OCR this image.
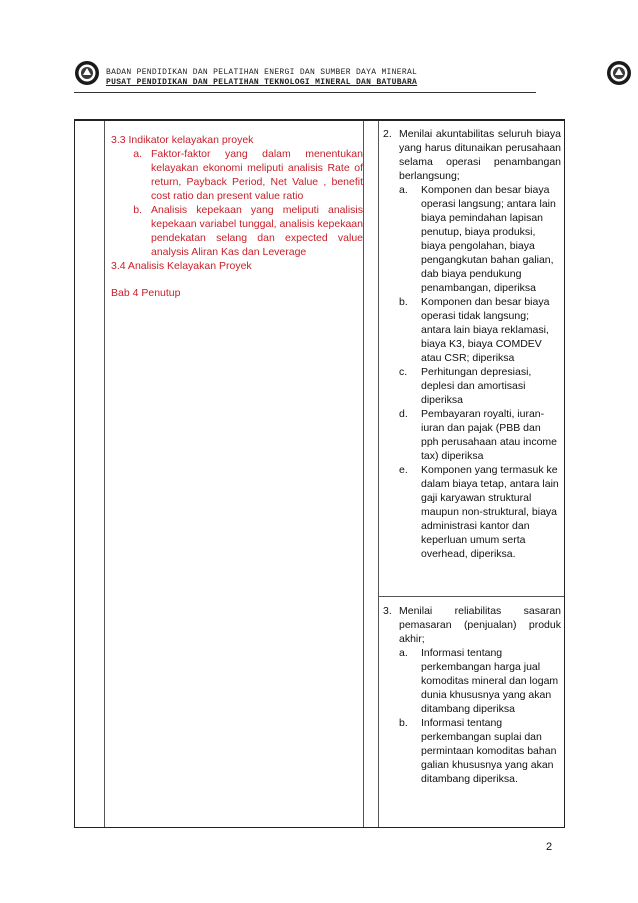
BADAN PENDIDIKAN DAN PELATIHAN ENERGI DAN SUMBER DAYA MINERAL
PUSAT PENDIDIKAN DAN PELATIHAN TEKNOLOGI MINERAL DAN BATUBARA

3.3 Indikator kelayakan proyek

a. Faktor-faktor yang dalam menentukan kelayakan ekonomi meliputi analisis Rate of return, Payback Period, Net Value , benefit cost ratio dan present value ratio
b. Analisis kepekaan yang meliputi analisis kepekaan variabel tunggal, analisis kepekaan pendekatan selang dan expected value analysis Aliran Kas dan Leverage

3.4 Analisis Kelayakan Proyek

Bab 4 Penutup

2. Menilai akuntabilitas seluruh biaya yang harus ditunaikan perusahaan selama operasi penambangan berlangsung;
a.	Komponen dan besar biaya operasi langsung; antara lain biaya pemindahan lapisan penutup, biaya produksi, biaya pengolahan, biaya pengangkutan bahan galian, dab biaya pendukung penambangan, diperiksa
b.	Komponen dan besar biaya operasi tidak langsung; antara lain biaya reklamasi, biaya K3, biaya COMDEV atau CSR; diperiksa
c.	Perhitungan depresiasi, deplesi dan amortisasi diperiksa
d.	Pembayaran royalti, iuran-iuran dan pajak (PBB dan pph perusahaan atau income tax) diperiksa
e.	Komponen yang termasuk ke dalam biaya tetap, antara lain gaji karyawan struktural maupun non-struktural, biaya administrasi kantor dan keperluan umum serta overhead, diperiksa.
3. Menilai reliabilitas sasaran pemasaran (penjualan) produk akhir;
a.	Informasi tentang perkembangan harga jual komoditas mineral dan logam dunia khususnya yang akan ditambang diperiksa
b.	Informasi tentang perkembangan suplai dan permintaan komoditas bahan galian khususnya yang akan ditambang diperiksa.
2
